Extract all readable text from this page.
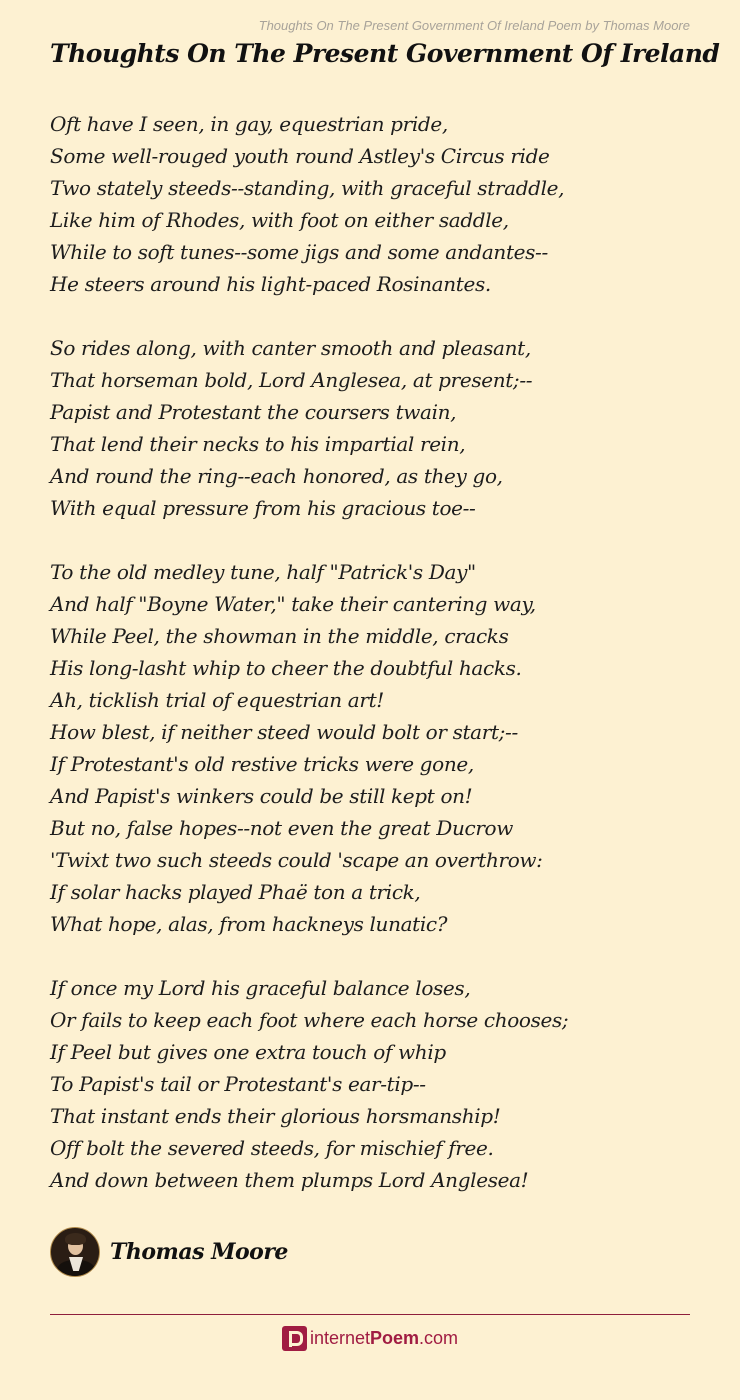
Thoughts On The Present Government Of Ireland Poem by Thomas Moore
Thoughts On The Present Government Of Ireland
Oft have I seen, in gay, equestrian pride,
Some well-rouged youth round Astley's Circus ride
Two stately steeds--standing, with graceful straddle,
Like him of Rhodes, with foot on either saddle,
While to soft tunes--some jigs and some andantes--
He steers around his light-paced Rosinantes.
So rides along, with canter smooth and pleasant,
That horseman bold, Lord Anglesea, at present;--
Papist and Protestant the coursers twain,
That lend their necks to his impartial rein,
And round the ring--each honored, as they go,
With equal pressure from his gracious toe--
To the old medley tune, half "Patrick's Day"
And half "Boyne Water," take their cantering way,
While Peel, the showman in the middle, cracks
His long-lasht whip to cheer the doubtful hacks.
Ah, ticklish trial of equestrian art!
How blest, if neither steed would bolt or start;--
If Protestant's old restive tricks were gone,
And Papist's winkers could be still kept on!
But no, false hopes--not even the great Ducrow
'Twixt two such steeds could 'scape an overthrow:
If solar hacks played Phaë ton a trick,
What hope, alas, from hackneys lunatic?
If once my Lord his graceful balance loses,
Or fails to keep each foot where each horse chooses;
If Peel but gives one extra touch of whip
To Papist's tail or Protestant's ear-tip--
That instant ends their glorious horsmanship!
Off bolt the severed steeds, for mischief free.
And down between them plumps Lord Anglesea!
Thomas Moore
internetPoem.com
